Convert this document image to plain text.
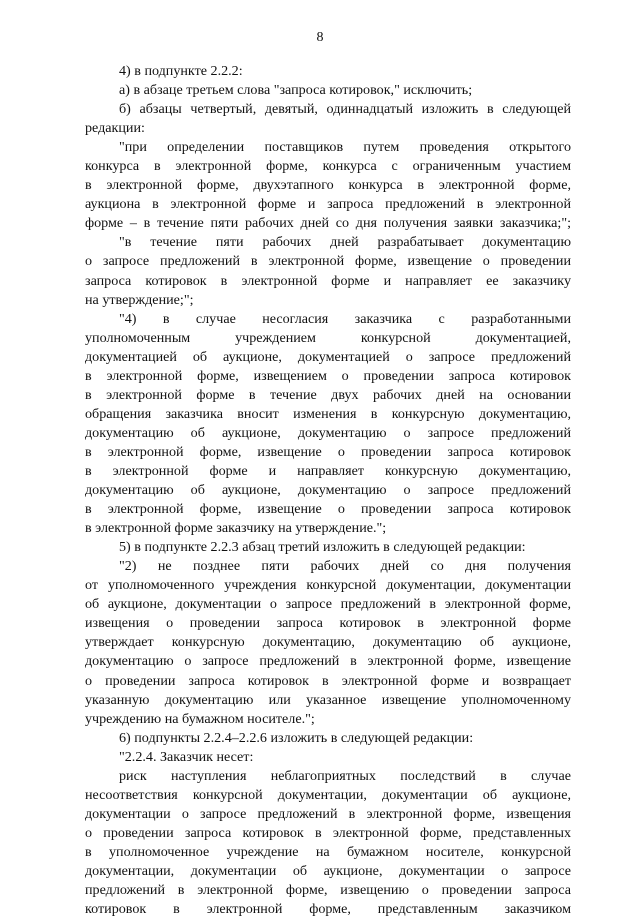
8
4) в подпункте 2.2.2:
а) в абзаце третьем слова "запроса котировок," исключить;
б) абзацы четвертый, девятый, одиннадцатый изложить в следующей
редакции:
"при определении поставщиков путем проведения открытого
конкурса в электронной форме, конкурса с ограниченным участием
в электронной форме, двухэтапного конкурса в электронной форме,
аукциона в электронной форме и запроса предложений в электронной
форме – в течение пяти рабочих дней со дня получения заявки заказчика;";
"в течение пяти рабочих дней разрабатывает документацию
о запросе предложений в электронной форме, извещение о проведении
запроса котировок в электронной форме и направляет ее заказчику
на утверждение;";
"4) в случае несогласия заказчика с разработанными
уполномоченным учреждением конкурсной документацией,
документацией об аукционе, документацией о запросе предложений
в электронной форме, извещением о проведении запроса котировок
в электронной форме в течение двух рабочих дней на основании
обращения заказчика вносит изменения в конкурсную документацию,
документацию об аукционе, документацию о запросе предложений
в электронной форме, извещение о проведении запроса котировок
в электронной форме и направляет конкурсную документацию,
документацию об аукционе, документацию о запросе предложений
в электронной форме, извещение о проведении запроса котировок
в электронной форме заказчику на утверждение.";
5) в подпункте 2.2.3 абзац третий изложить в следующей редакции:
"2) не позднее пяти рабочих дней со дня получения
от уполномоченного учреждения конкурсной документации, документации
об аукционе, документации о запросе предложений в электронной форме,
извещения о проведении запроса котировок в электронной форме
утверждает конкурсную документацию, документацию об аукционе,
документацию о запросе предложений в электронной форме, извещение
о проведении запроса котировок в электронной форме и возвращает
указанную документацию или указанное извещение уполномоченному
учреждению на бумажном носителе.";
6) подпункты 2.2.4–2.2.6 изложить в следующей редакции:
"2.2.4. Заказчик несет:
риск наступления неблагоприятных последствий в случае
несоответствия конкурсной документации, документации об аукционе,
документации о запросе предложений в электронной форме, извещения
о проведении запроса котировок в электронной форме, представленных
в уполномоченное учреждение на бумажном носителе, конкурсной
документации, документации об аукционе, документации о запросе
предложений в электронной форме, извещению о проведении запроса
котировок в электронной форме, представленным заказчиком
